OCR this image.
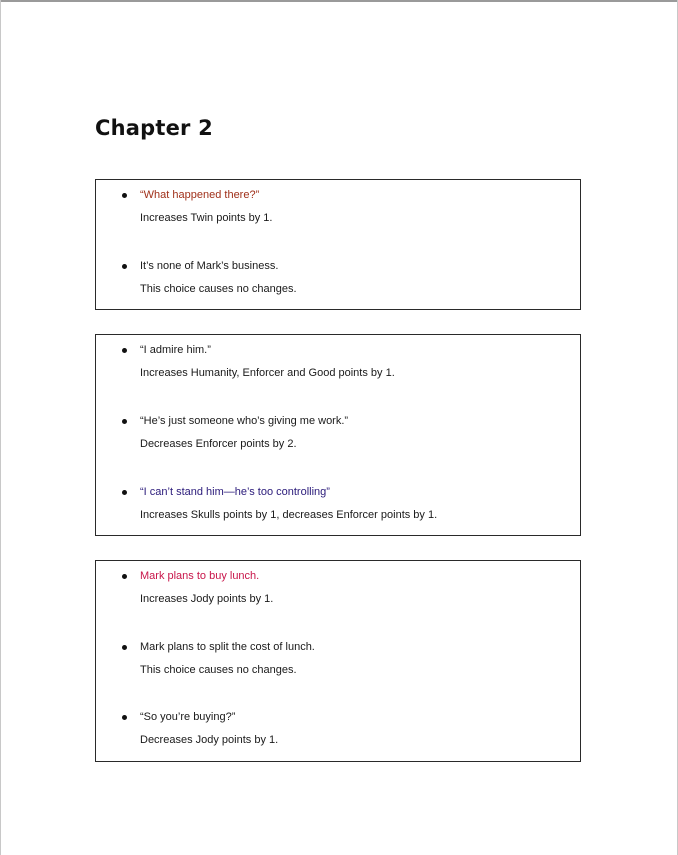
Chapter 2
“What happened there?”
Increases Twin points by 1.
It’s none of Mark’s business.
This choice causes no changes.
“I admire him.”
Increases Humanity, Enforcer and Good points by 1.
“He’s just someone who’s giving me work.”
Decreases Enforcer points by 2.
“I can’t stand him—he’s too controlling”
Increases Skulls points by 1, decreases Enforcer points by 1.
Mark plans to buy lunch.
Increases Jody points by 1.
Mark plans to split the cost of lunch.
This choice causes no changes.
“So you’re buying?”
Decreases Jody points by 1.
